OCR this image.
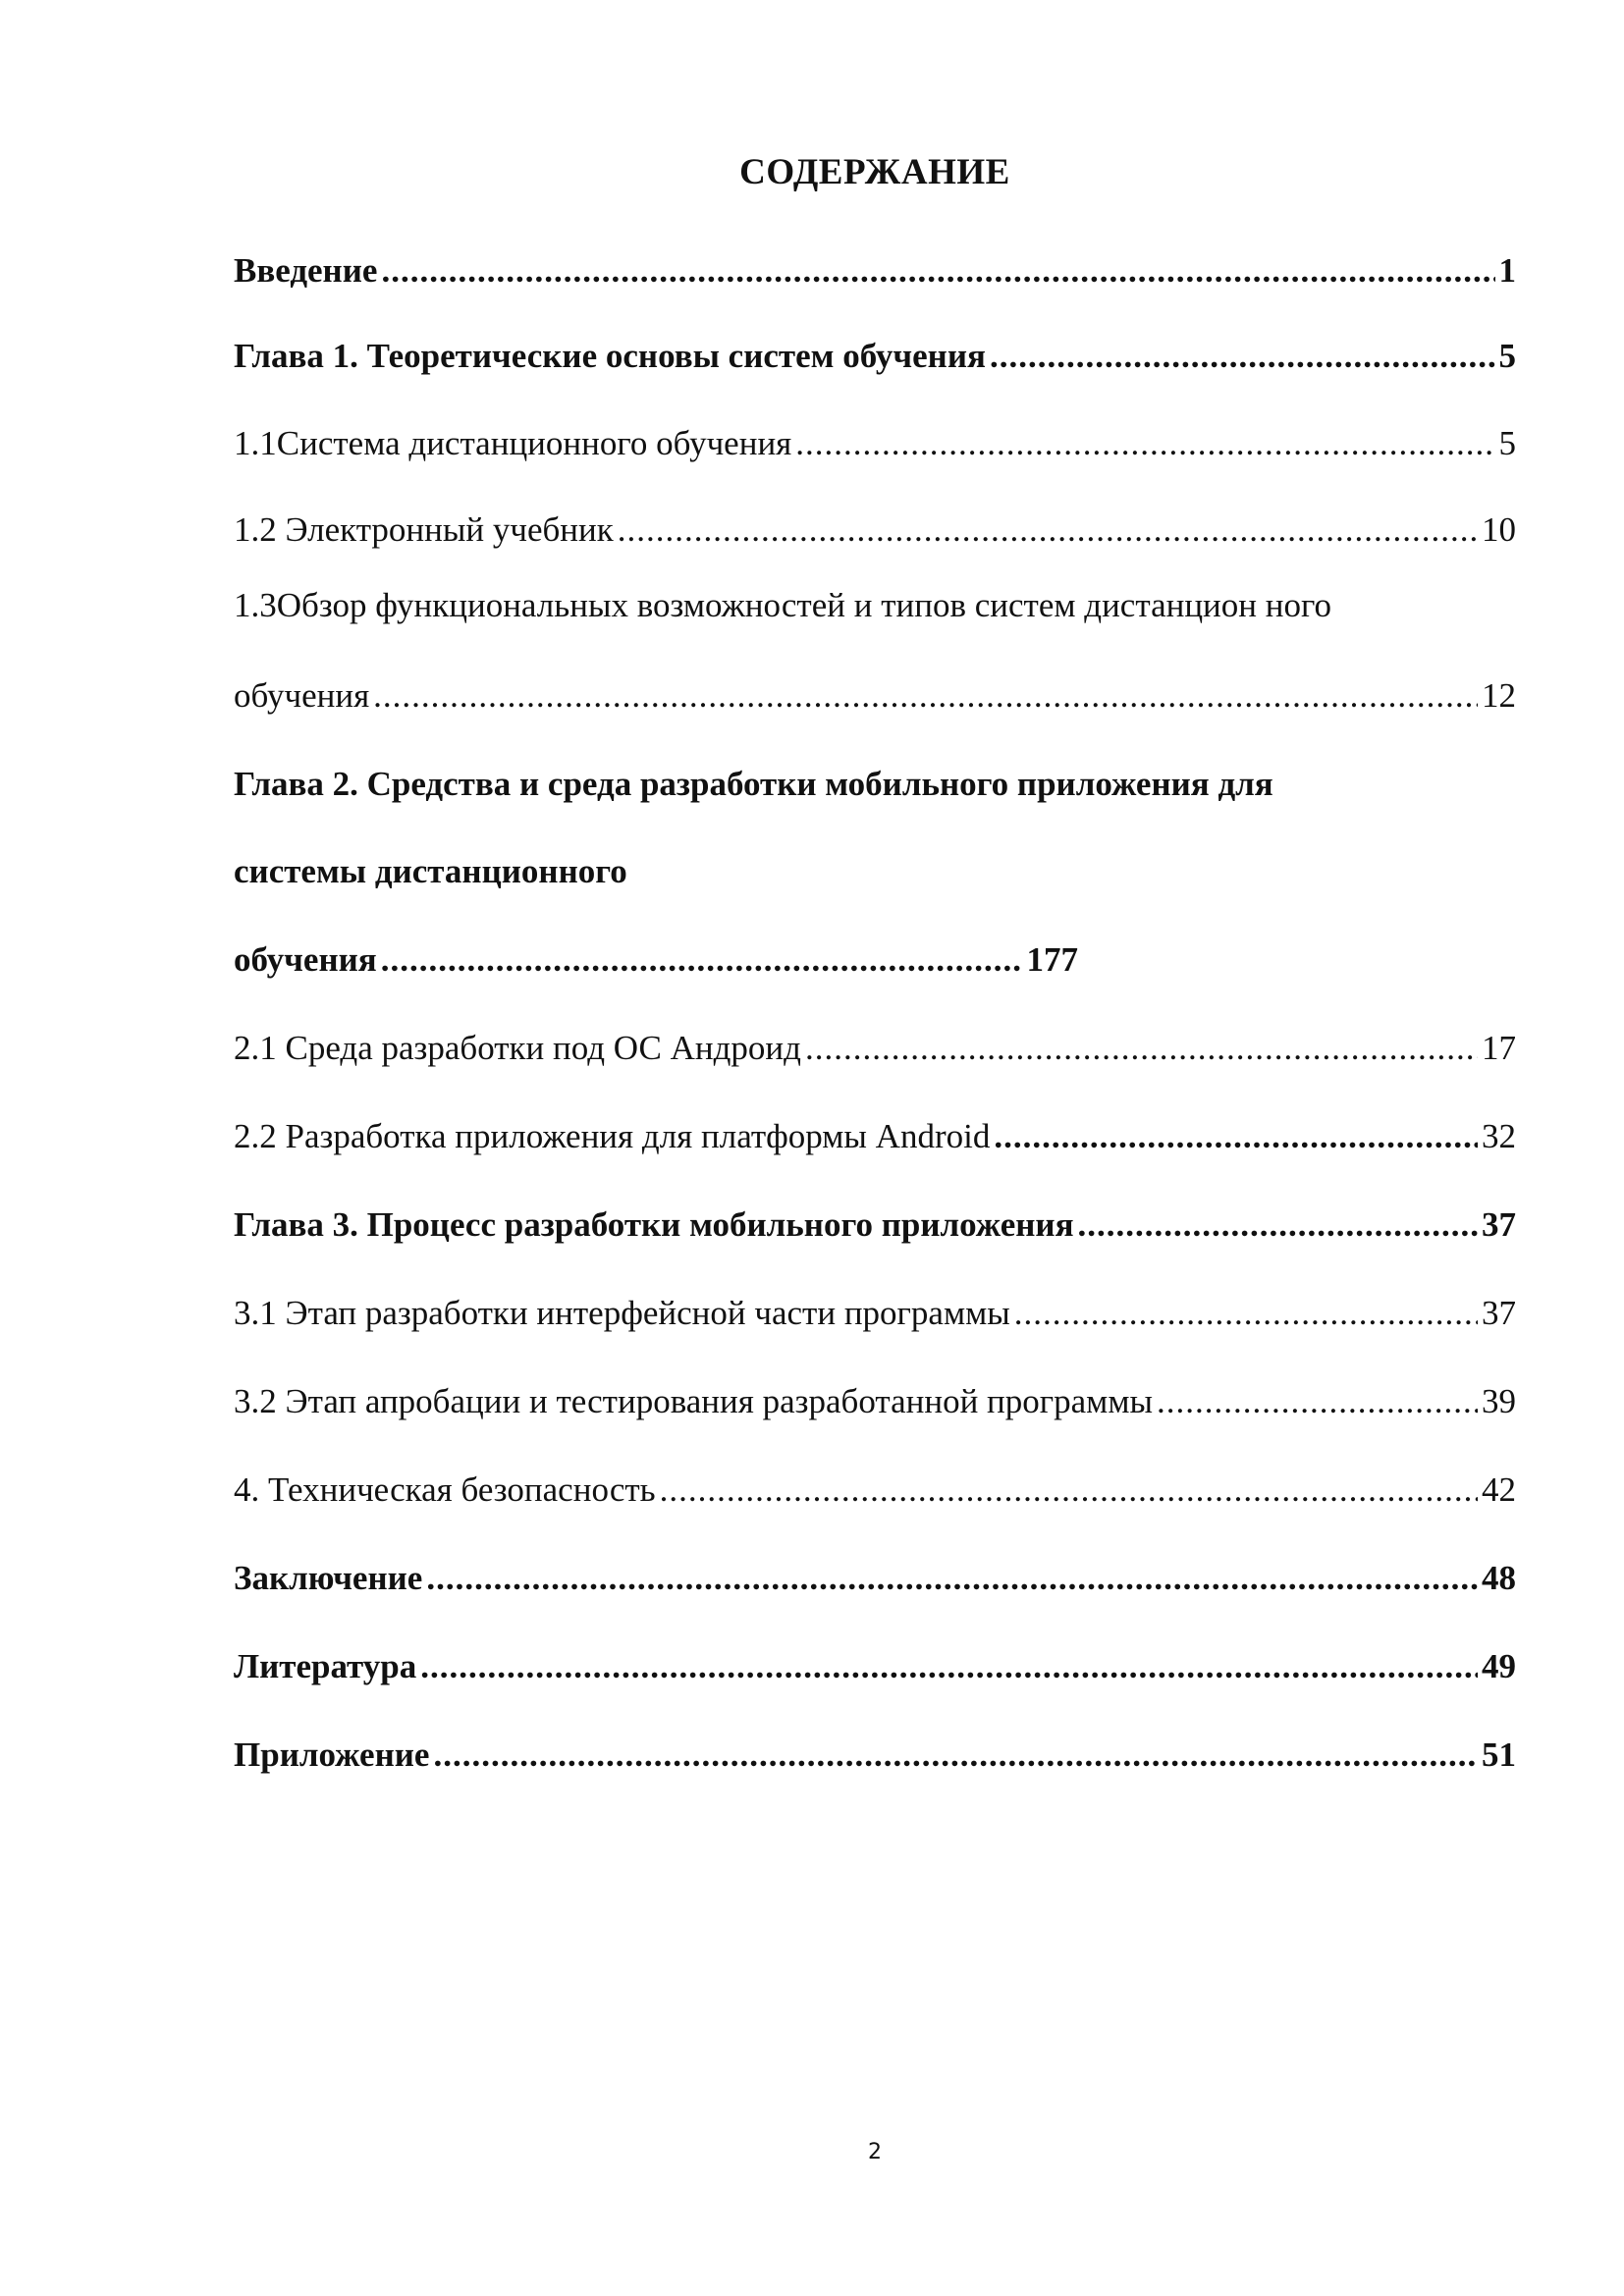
СОДЕРЖАНИЕ
Введение .....	1
Глава 1. Теоретические основы систем обучения .....	5
1.1Система дистанционного обучения .....	5
1.2 Электронный учебник .....	10
1.3Обзор функциональных возможностей и типов систем дистанцион ного
обучения .....	12
Глава 2. Средства и среда разработки мобильного приложения для
системы дистанционного
обучения .....	177
2.1 Среда разработки под ОС Андроид .....	17
2.2 Разработка приложения для платформы Android .....	32
Глава 3. Процесс разработки мобильного приложения .....	37
3.1 Этап разработки интерфейсной части программы .....	37
3.2 Этап апробации и тестирования разработанной программы .....	39
4. Техническая безопасность .....	42
Заключение .....	48
Литература .....	49
Приложение .....	51
2
